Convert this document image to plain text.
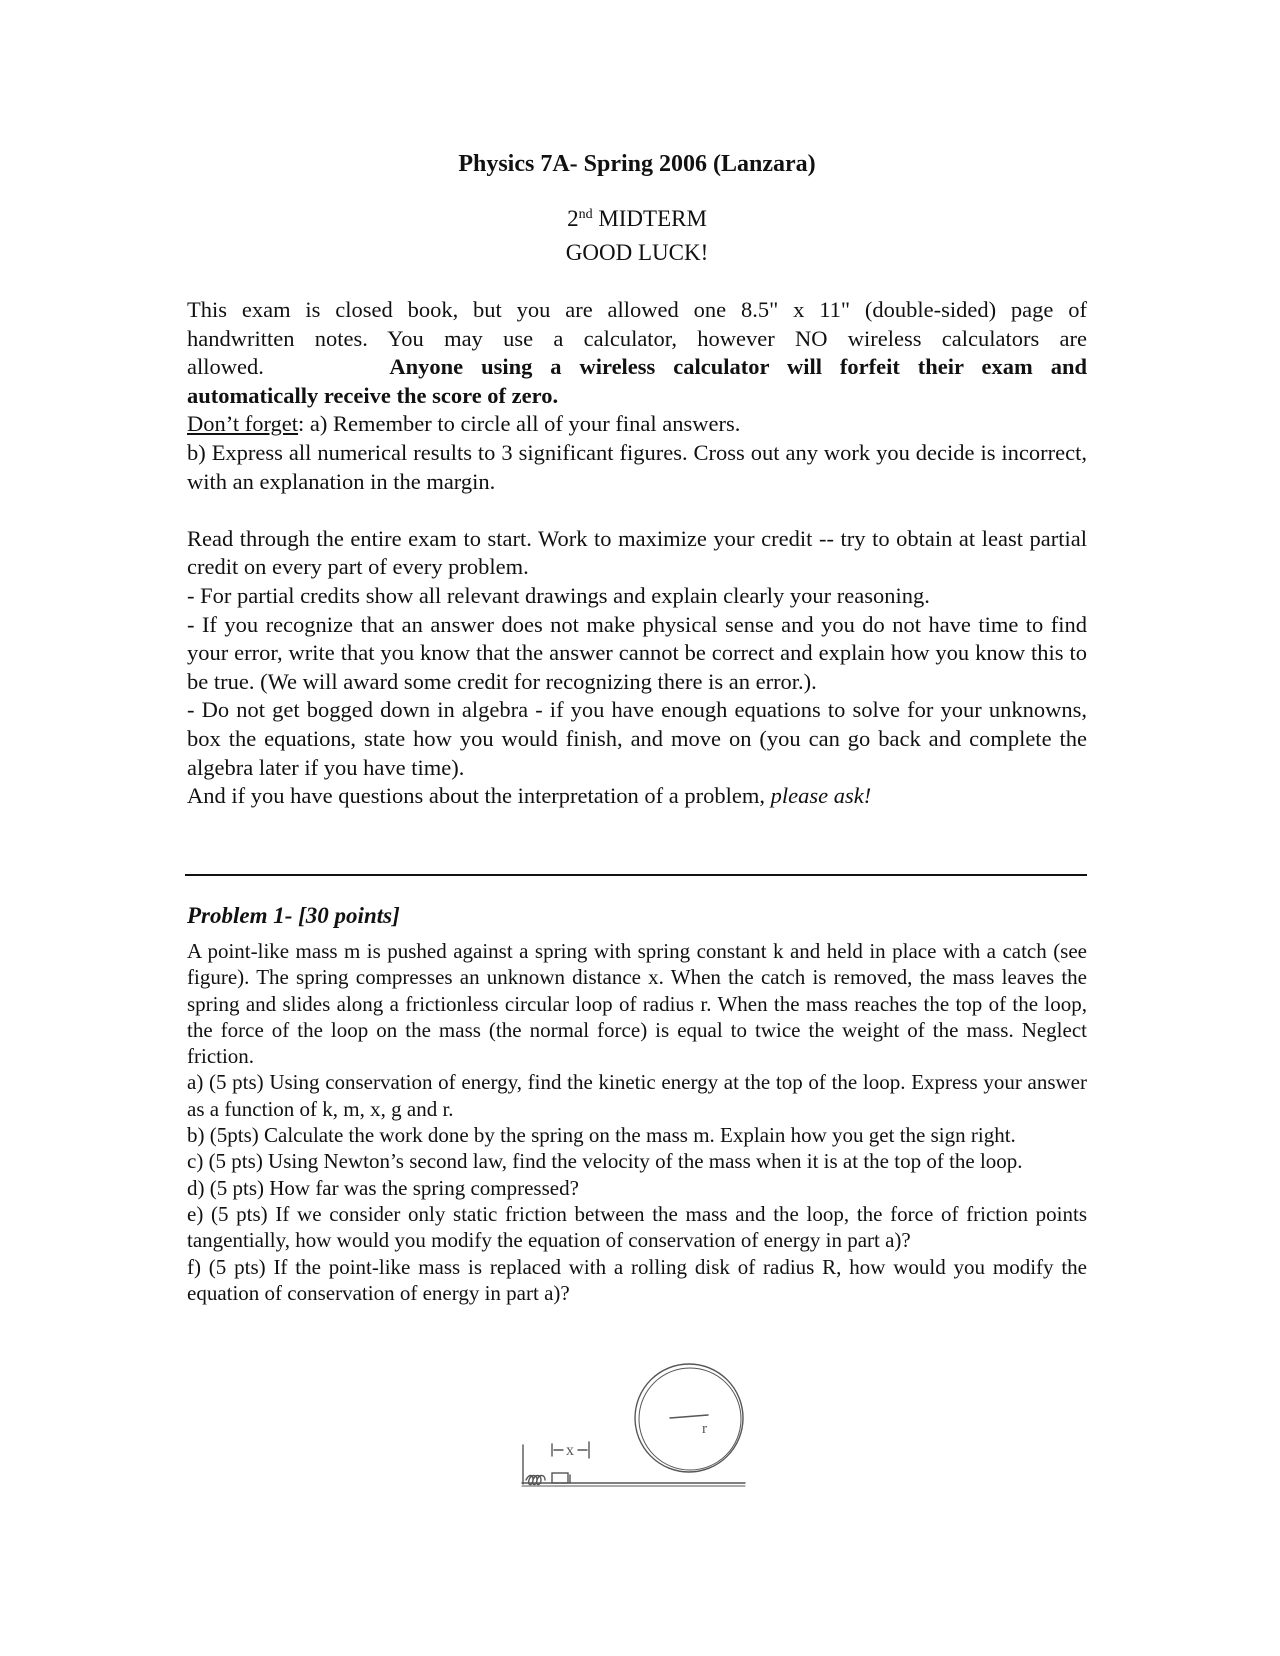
Physics 7A- Spring 2006 (Lanzara)
2nd MIDTERM
GOOD LUCK!

This exam is closed book, but you are allowed one 8.5" x 11" (double-sided) page of

handwritten notes. You may use a calculator, however NO wireless calculators are

allowed.	Anyone using a wireless calculator will forfeit their exam and

automatically receive the score of zero.

Don’t forget: a) Remember to circle all of your final answers.

b) Express all numerical results to 3 significant figures. Cross out any work you decide is incorrect, with an explanation in the margin.

Read through the entire exam to start. Work to maximize your credit -- try to obtain at least partial credit on every part of every problem.

- For partial credits show all relevant drawings and explain clearly your reasoning.

- If you recognize that an answer does not make physical sense and you do not have time to find your error, write that you know that the answer cannot be correct and explain how you know this to be true. (We will award some credit for recognizing there is an error.).

- Do not get bogged down in algebra - if you have enough equations to solve for your unknowns, box the equations, state how you would finish, and move on (you can go back and complete the algebra later if you have time).

And if you have questions about the interpretation of a problem, please ask!

Problem 1- [30 points]

A point-like mass m is pushed against a spring with spring constant k and held in place with a catch (see figure). The spring compresses an unknown distance x. When the catch is removed, the mass leaves the spring and slides along a frictionless circular loop of radius r. When the mass reaches the top of the loop, the force of the loop on the mass (the normal force) is equal to twice the weight of the mass. Neglect friction.

a) (5 pts) Using conservation of energy, find the kinetic energy at the top of the loop. Express your answer as a function of k, m, x, g and r.

b) (5pts) Calculate the work done by the spring on the mass m. Explain how you get the sign right.

c) (5 pts) Using Newton’s second law, find the velocity of the mass when it is at the top of the loop.

d) (5 pts) How far was the spring compressed?

e) (5 pts) If we consider only static friction between the mass and the loop, the force of friction points tangentially, how would you modify the equation of conservation of energy in part a)?

f) (5 pts) If the point-like mass is replaced with a rolling disk of radius R, how would you modify the equation of conservation of energy in part a)?

x
r
